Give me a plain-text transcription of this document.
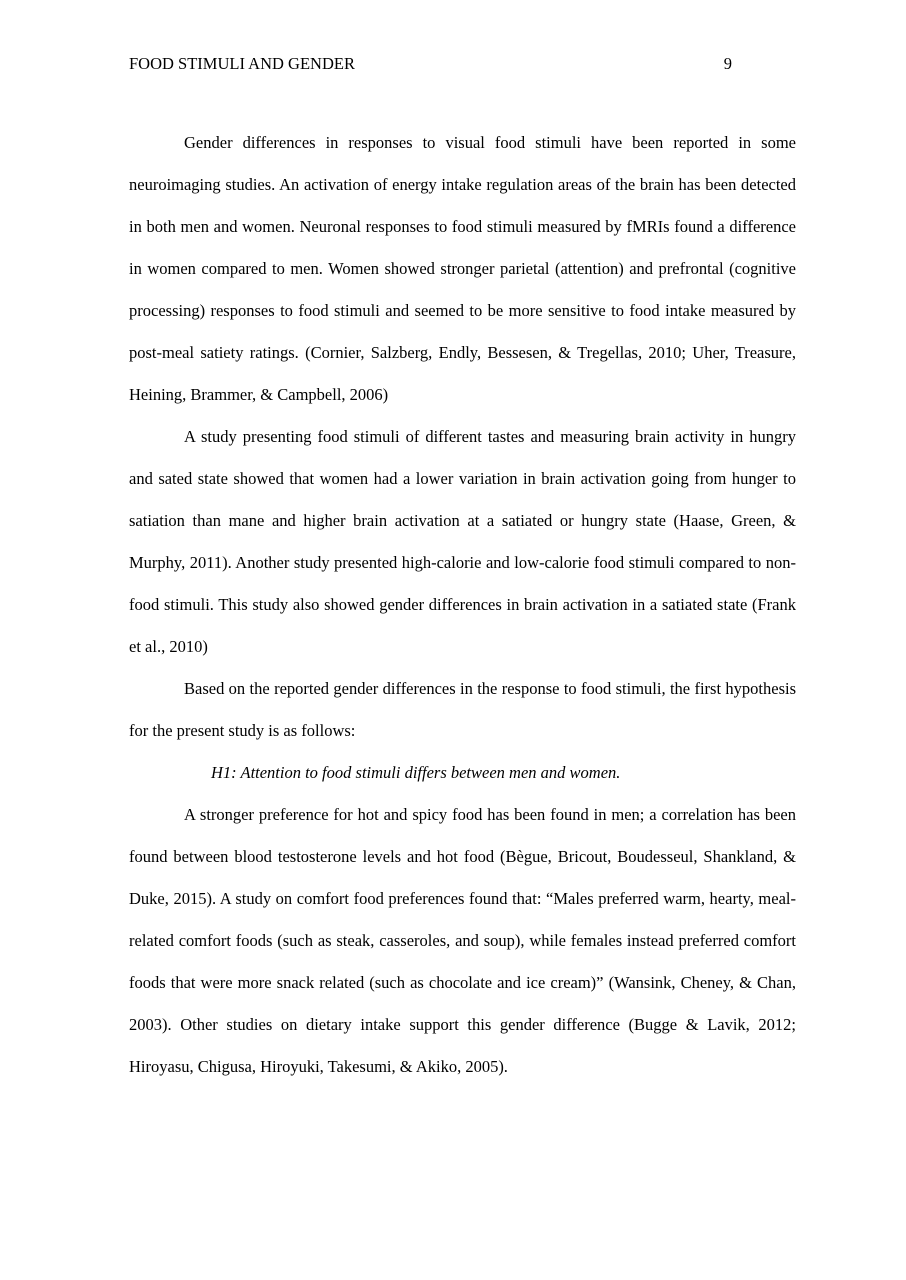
FOOD STIMULI AND GENDER	9

Gender differences in responses to visual food stimuli have been reported in some neuroimaging studies. An activation of energy intake regulation areas of the brain has been detected in both men and women. Neuronal responses to food stimuli measured by fMRIs found a difference in women compared to men. Women showed stronger parietal (attention) and prefrontal (cognitive processing) responses to food stimuli and seemed to be more sensitive to food intake measured by post-meal satiety ratings. (Cornier, Salzberg, Endly, Bessesen, & Tregellas, 2010; Uher, Treasure, Heining, Brammer, & Campbell, 2006)

A study presenting food stimuli of different tastes and measuring brain activity in hungry and sated state showed that women had a lower variation in brain activation going from hunger to satiation than mane and higher brain activation at a satiated or hungry state (Haase, Green, & Murphy, 2011). Another study presented high-calorie and low-calorie food stimuli compared to non-food stimuli. This study also showed gender differences in brain activation in a satiated state (Frank et al., 2010)

Based on the reported gender differences in the response to food stimuli, the first hypothesis for the present study is as follows:

H1: Attention to food stimuli differs between men and women.

A stronger preference for hot and spicy food has been found in men; a correlation has been found between blood testosterone levels and hot food (Bègue, Bricout, Boudesseul, Shankland, & Duke, 2015). A study on comfort food preferences found that: “Males preferred warm, hearty, meal-related comfort foods (such as steak, casseroles, and soup), while females instead preferred comfort foods that were more snack related (such as chocolate and ice cream)” (Wansink, Cheney, & Chan, 2003). Other studies on dietary intake support this gender difference (Bugge & Lavik, 2012; Hiroyasu, Chigusa, Hiroyuki, Takesumi, & Akiko, 2005).
